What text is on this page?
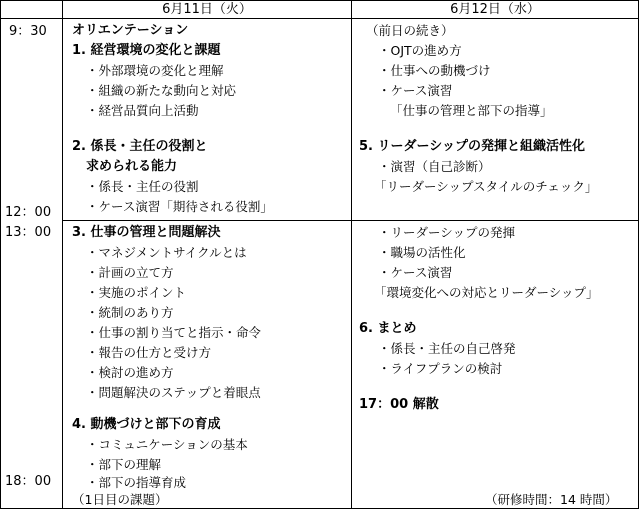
6月11日（火）	6月12日（水）
9：30
12：00
13：00
18：00
オリエンテーション
1. 経営環境の変化と課題
・外部環境の変化と理解
・組織の新たな動向と対応
・経営品質向上活動
2. 係長・主任の役割と
求められる能力
・係長・主任の役割
・ケース演習「期待される役割」
3. 仕事の管理と問題解決
・マネジメントサイクルとは
・計画の立て方
・実施のポイント
・統制のあり方
・仕事の割り当てと指示・命令
・報告の仕方と受け方
・検討の進め方
・問題解決のステップと着眼点
4. 動機づけと部下の育成
・コミュニケーションの基本
・部下の理解
・部下の指導育成
（1日目の課題）
（前日の続き）
・OJTの進め方
・仕事への動機づけ
・ケース演習
「仕事の管理と部下の指導」
5. リーダーシップの発揮と組織活性化
・演習（自己診断）
「リーダーシップスタイルのチェック」
・リーダーシップの発揮
・職場の活性化
・ケース演習
「環境変化への対応とリーダーシップ」
6. まとめ
・係長・主任の自己啓発
・ライフプランの検討
17：00 解散
（研修時間：14 時間）
